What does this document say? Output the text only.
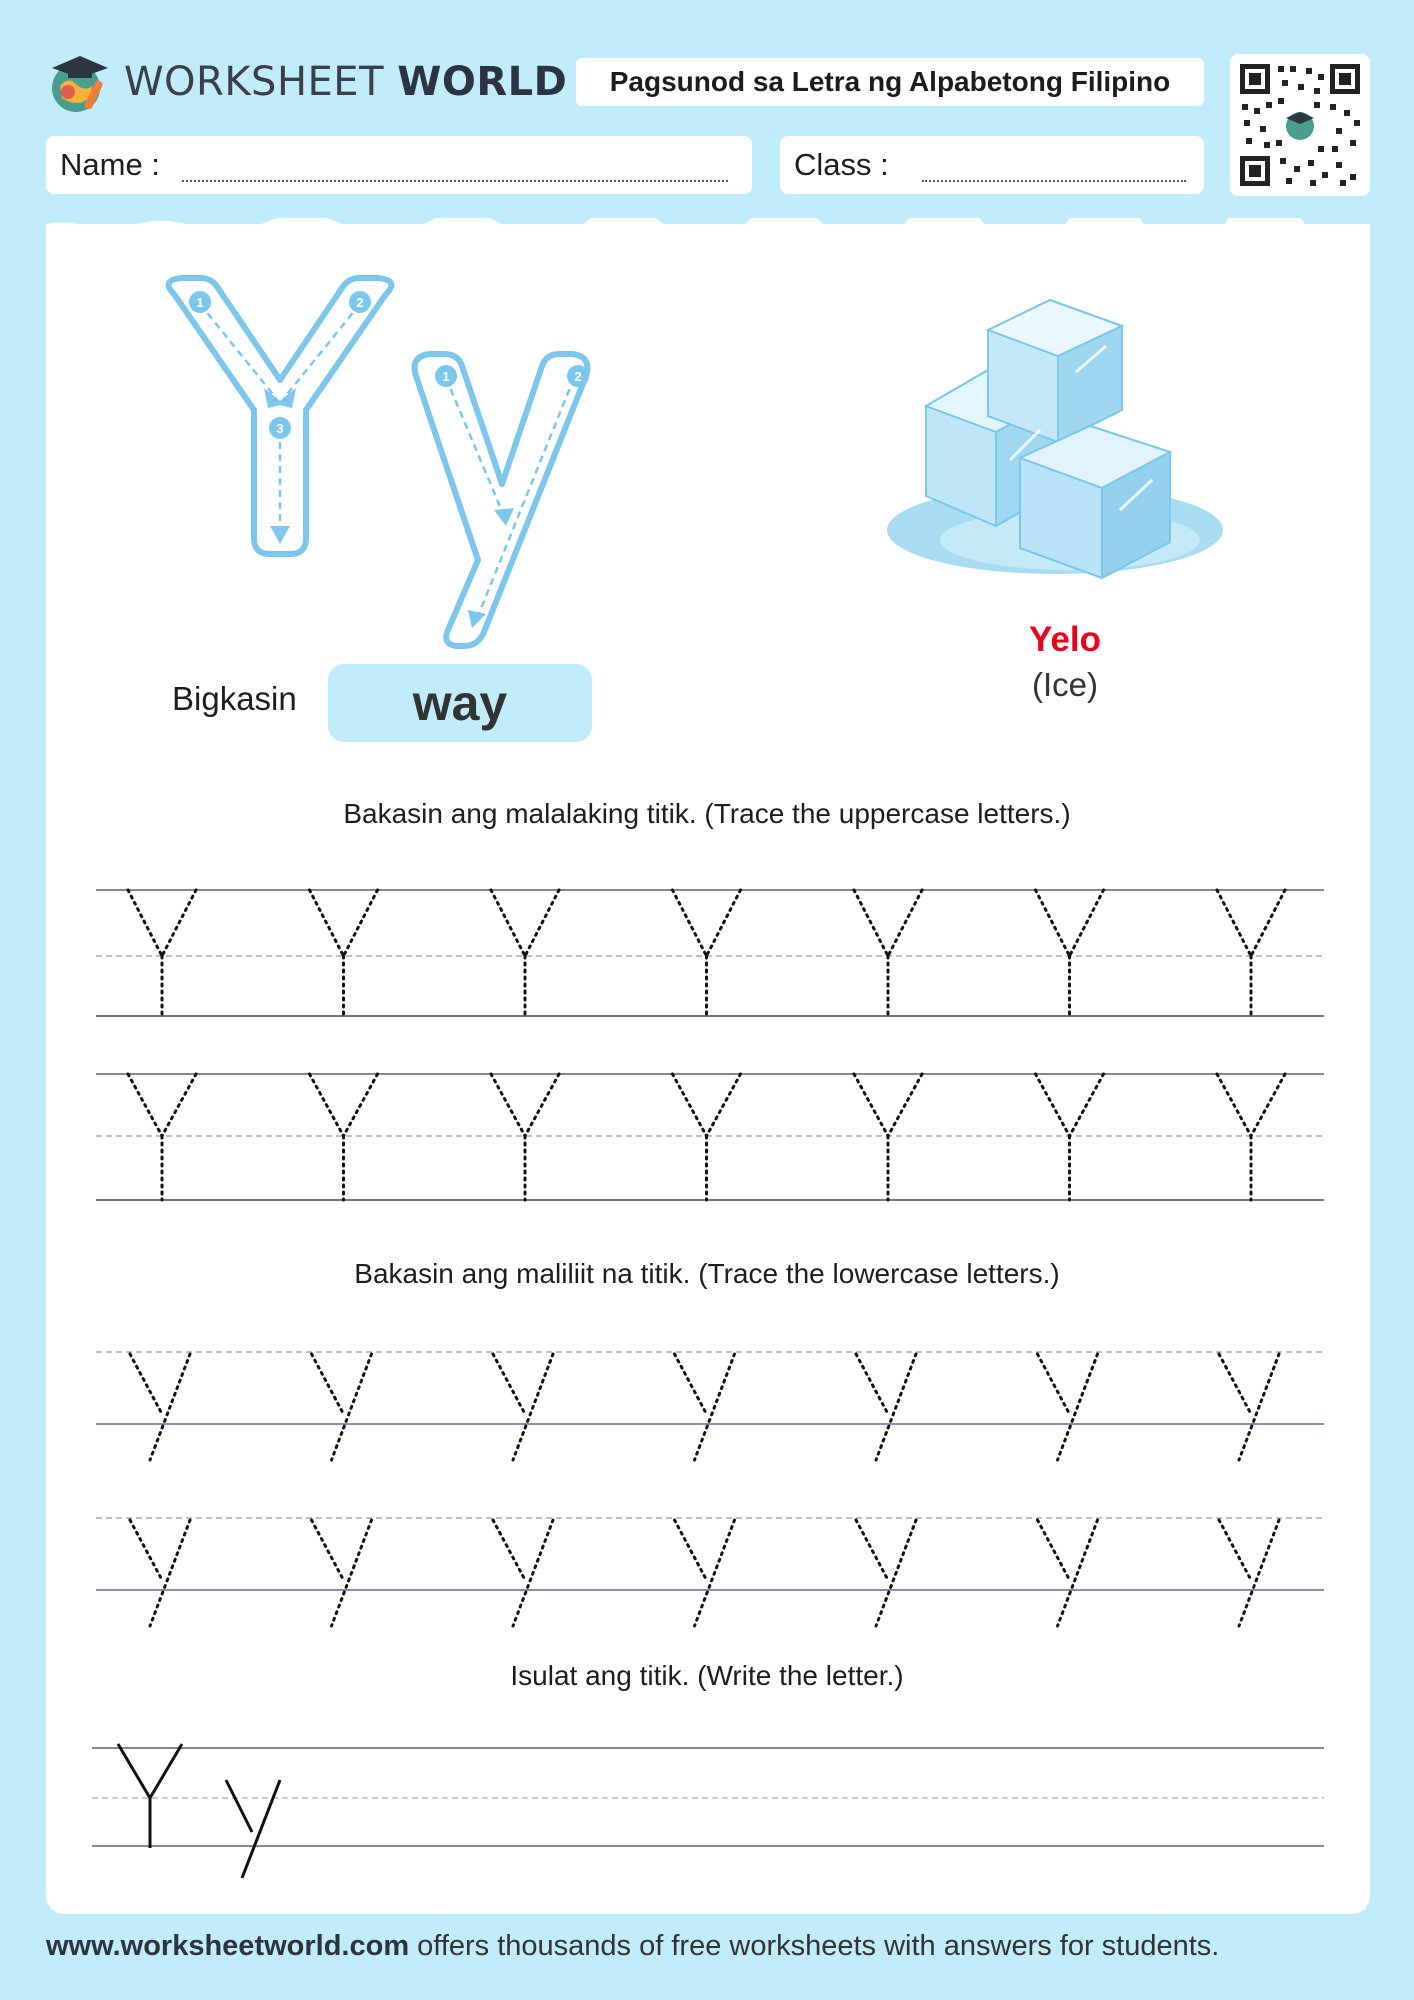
WORKSHEET WORLD	Pagsunod sa Letra ng Alpabetong Filipino
Name :	Class :
1	2
3
1	2
Bigkasin	way
Yelo
(Ice)
Bakasin ang malalaking titik. (Trace the uppercase letters.)
Bakasin ang maliliit na titik. (Trace the lowercase letters.)
Isulat ang titik. (Write the letter.)
www.worksheetworld.com offers thousands of free worksheets with answers for students.
